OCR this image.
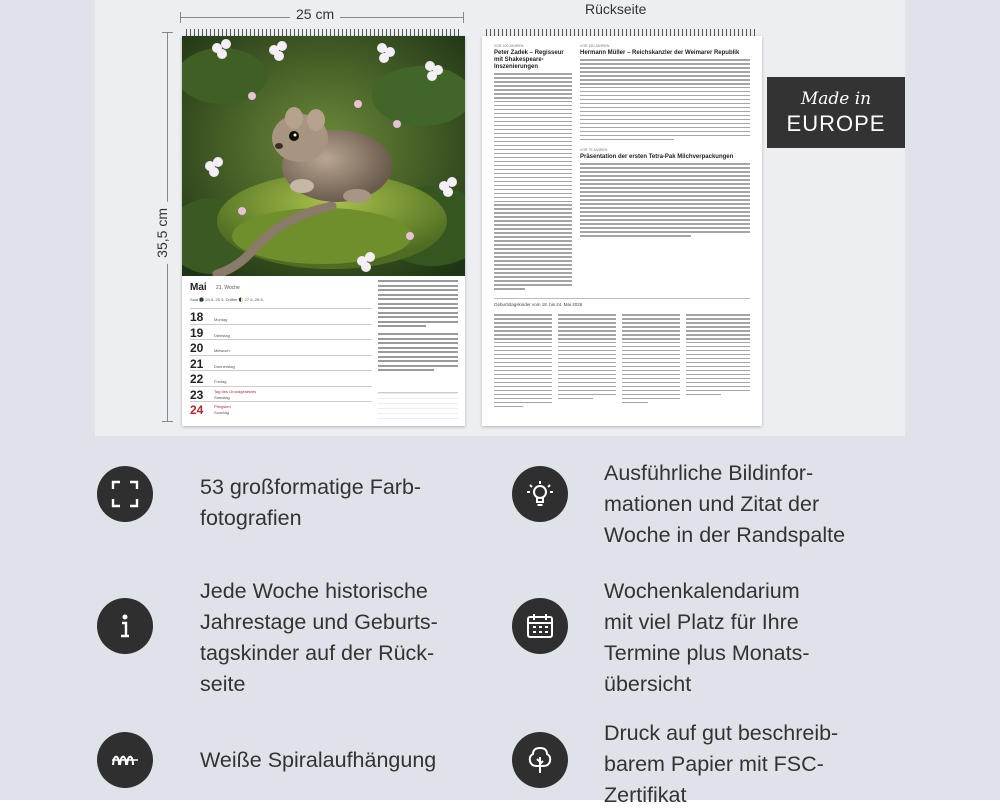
25 cm
35,5 cm
Rückseite
Mai 21. Woche
Saat 🌑 20.5.-20.5. Drittler 🌓 27.5.-28.5.
18	Montag
19	Dienstag
20	Mittwoch
21	Donnerstag
22	Freitag
23	Tag des Grundgesetzes
Samstag
24	Pfingsten
Sonntag
VOR 100 JAHREN
Peter Zadek – Regisseur mit Shakespeare-Inszenierungen
VOR 150 JAHREN
Hermann Müller – Reichskanzler der Weimarer Republik
VOR 75 JAHREN
Präsentation der ersten Tetra-Pak Milchverpackungen
Geburtstagskinder vom 18. bis 24. Mai 2026
Made in
EUROPE
53 großformatige Farb-
fotografien
Ausführliche Bildinfor-
mationen und Zitat der
Woche in der Randspalte
Jede Woche historische
Jahrestage und Geburts-
tagskinder auf der Rück-
seite
Wochenkalendarium
mit viel Platz für Ihre
Termine plus Monats-
übersicht
Weiße Spiralaufhängung
Druck auf gut beschreib-
barem Papier mit FSC-
Zertifikat
